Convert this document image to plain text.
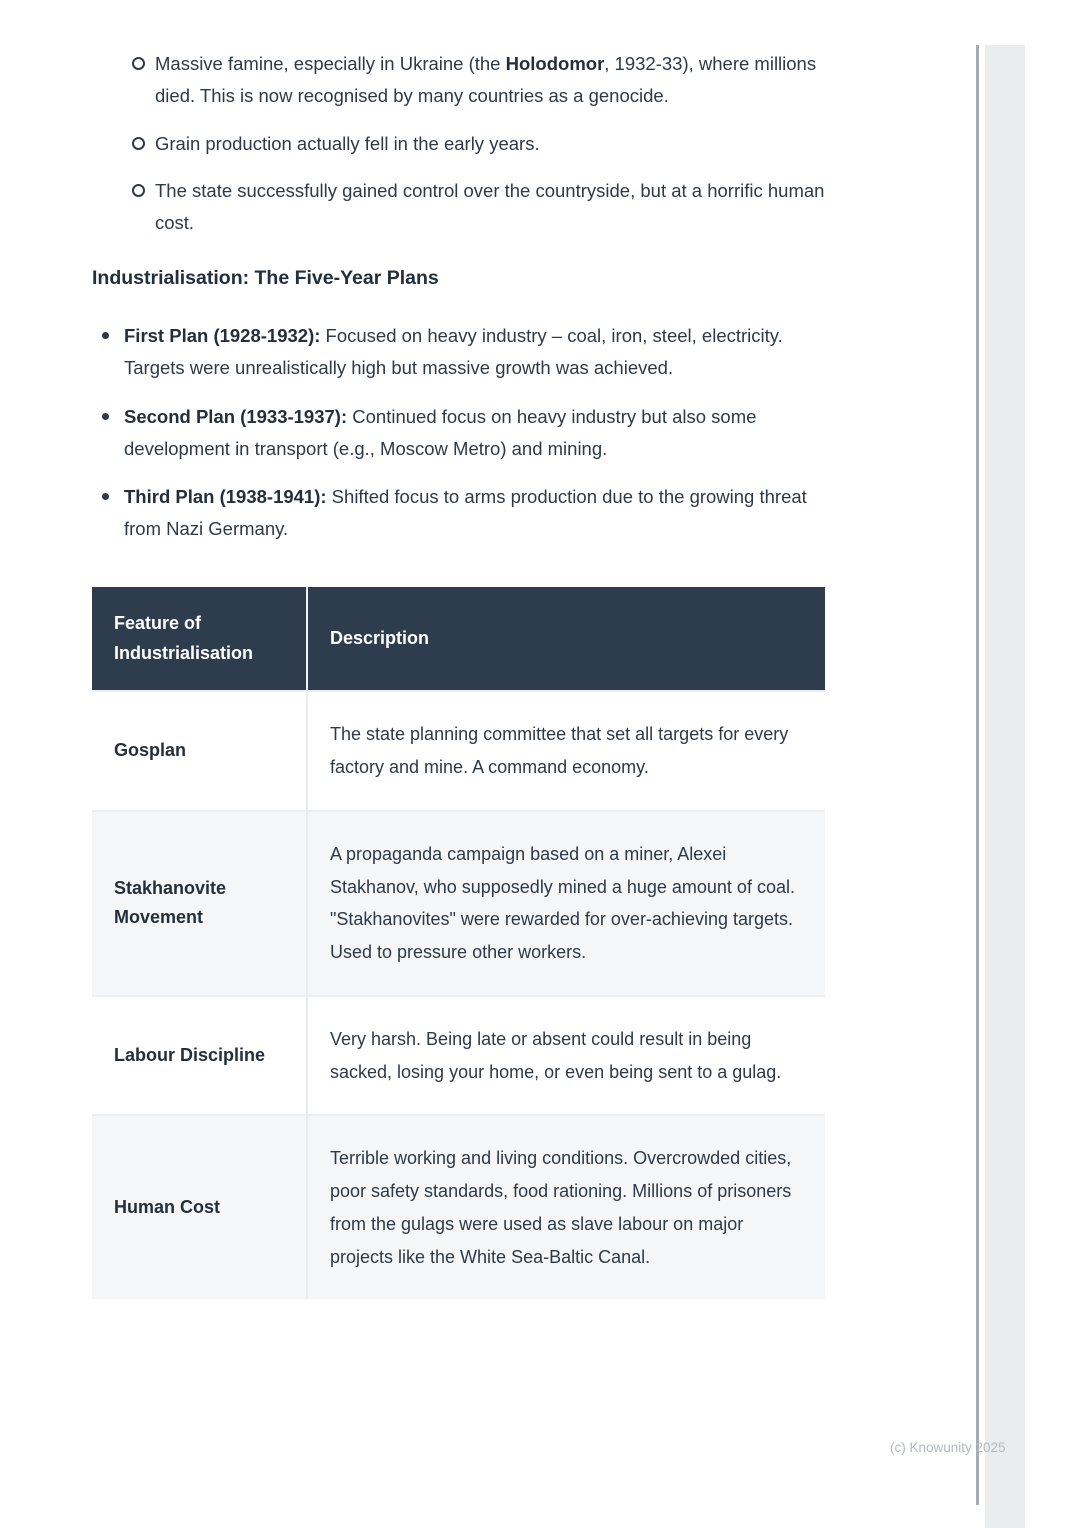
Massive famine, especially in Ukraine (the Holodomor, 1932-33), where millions died. This is now recognised by many countries as a genocide.
Grain production actually fell in the early years.
The state successfully gained control over the countryside, but at a horrific human cost.
Industrialisation: The Five-Year Plans
First Plan (1928-1932): Focused on heavy industry – coal, iron, steel, electricity. Targets were unrealistically high but massive growth was achieved.
Second Plan (1933-1937): Continued focus on heavy industry but also some development in transport (e.g., Moscow Metro) and mining.
Third Plan (1938-1941): Shifted focus to arms production due to the growing threat from Nazi Germany.
Feature of Industrialisation	Description
Gosplan	The state planning committee that set all targets for every factory and mine. A command economy.
Stakhanovite Movement	A propaganda campaign based on a miner, Alexei Stakhanov, who supposedly mined a huge amount of coal. "Stakhanovites" were rewarded for over-achieving targets. Used to pressure other workers.
Labour Discipline	Very harsh. Being late or absent could result in being sacked, losing your home, or even being sent to a gulag.
Human Cost	Terrible working and living conditions. Overcrowded cities, poor safety standards, food rationing. Millions of prisoners from the gulags were used as slave labour on major projects like the White Sea-Baltic Canal.
(c) Knowunity 2025
